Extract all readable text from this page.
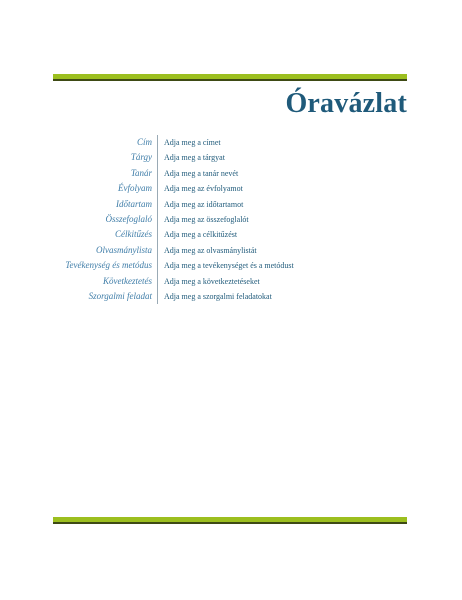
Óravázlat
Cím	Adja meg a címet
Tárgy	Adja meg a tárgyat
Tanár	Adja meg a tanár nevét
Évfolyam	Adja meg az évfolyamot
Időtartam	Adja meg az időtartamot
Összefoglaló	Adja meg az összefoglalót
Célkitűzés	Adja meg a célkitűzést
Olvasmánylista	Adja meg az olvasmánylistát
Tevékenység és metódus	Adja meg a tevékenységet és a metódust
Következtetés	Adja meg a következtetéseket
Szorgalmi feladat	Adja meg a szorgalmi feladatokat
